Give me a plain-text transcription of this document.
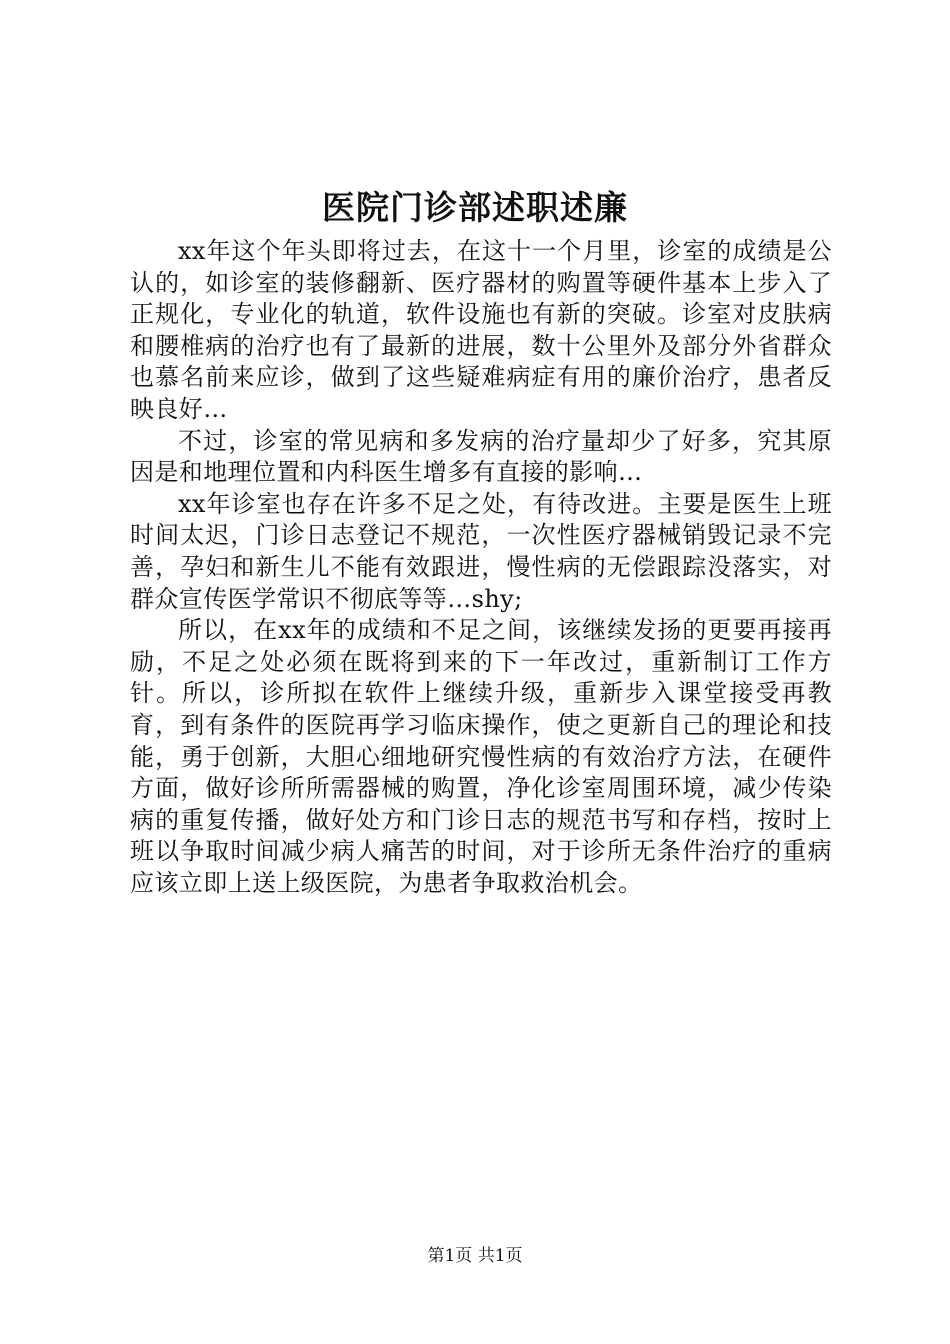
医院门诊部述职述廉

xx年这个年头即将过去，在这十一个月里，诊室的成绩是公认的，如诊室的装修翻新、医疗器材的购置等硬件基本上步入了正规化，专业化的轨道，软件设施也有新的突破。诊室对皮肤病和腰椎病的治疗也有了最新的进展，数十公里外及部分外省群众也慕名前来应诊，做到了这些疑难病症有用的廉价治疗，患者反映良好…

不过，诊室的常见病和多发病的治疗量却少了好多，究其原因是和地理位置和内科医生增多有直接的影响…

xx年诊室也存在许多不足之处，有待改进。主要是医生上班时间太迟，门诊日志登记不规范，一次性医疗器械销毁记录不完善，孕妇和新生儿不能有效跟进，慢性病的无偿跟踪没落实，对群众宣传医学常识不彻底等等…shy;

所以，在xx年的成绩和不足之间，该继续发扬的更要再接再励，不足之处必须在既将到来的下一年改过，重新制订工作方针。所以，诊所拟在软件上继续升级，重新步入课堂接受再教育，到有条件的医院再学习临床操作，使之更新自己的理论和技能，勇于创新，大胆心细地研究慢性病的有效治疗方法，在硬件方面，做好诊所所需器械的购置，净化诊室周围环境，减少传染病的重复传播，做好处方和门诊日志的规范书写和存档，按时上班以争取时间减少病人痛苦的时间，对于诊所无条件治疗的重病应该立即上送上级医院，为患者争取救治机会。

第1页 共1页
